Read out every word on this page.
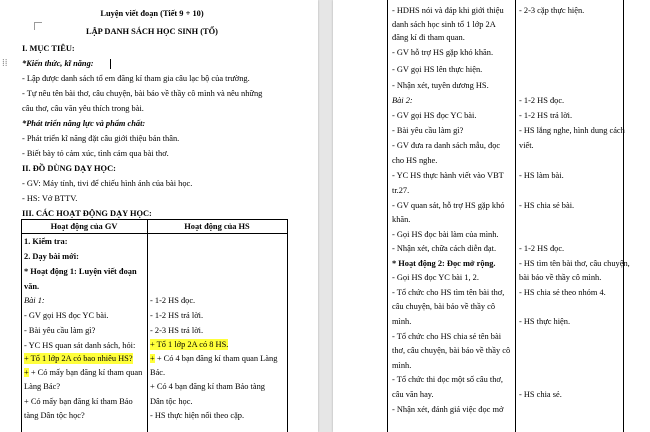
Luyện viết đoạn (Tiết 9 + 10)
LẬP DANH SÁCH HỌC SINH (TỔ)
I. MỤC TIÊU:
⁞⁞ *Kiến thức, kĩ năng:
- Lập được danh sách tổ em đăng kí tham gia câu lạc bộ của trường.
- Tự nêu tên bài thơ, câu chuyện, bài báo về thầy cô mình và nêu những
câu thơ, câu văn yêu thích trong bài.
*Phát triển năng lực và phẩm chất:
- Phát triển kĩ năng đặt câu giới thiệu bản thân.
- Biết bày tỏ cảm xúc, tình cảm qua bài thơ.
II. ĐỒ DÙNG DẠY HỌC:
- GV: Máy tính, tivi để chiếu hình ảnh của bài học.
- HS: Vở BTTV.
III. CÁC HOẠT ĐỘNG DẠY HỌC:
Hoạt động của GV	Hoạt động của HS
1. Kiểm tra:
2. Dạy bài mới:
* Hoạt động 1: Luyện viết đoạn
văn.
Bài 1:
- GV gọi HS đọc YC bài.
- Bài yêu cầu làm gì?
- YC HS quan sát danh sách, hỏi:
+ Tổ 1 lớp 2A có bao nhiêu HS?
+ + Có mấy bạn đăng kí tham quan
Làng Bác?
+ Có mấy bạn đăng kí tham Bảo
tàng Dân tộc học?
- 1-2 HS đọc.
- 1-2 HS trả lời.
- 2-3 HS trả lời.
+ Tổ 1 lớp 2A có 8 HS.
+ + Có 4 bạn đăng kí tham quan Làng
Bác.
+ Có 4 bạn đăng kí tham Bảo tàng
Dân tộc học.
- HS thực hiện nối theo cặp.
- HDHS nói và đáp khi giới thiệu
danh sách học sinh tổ 1 lớp 2A
đăng kí đi tham quan.
- GV hỗ trợ HS gặp khó khăn.
- GV gọi HS lên thực hiện.
- Nhận xét, tuyên dương HS.
Bài 2:
- GV gọi HS đọc YC bài.
- Bài yêu cầu làm gì?
- GV đưa ra danh sách mẫu, đọc
cho HS nghe.
- YC HS thực hành viết vào VBT
tr.27.
- GV quan sát, hỗ trợ HS gặp khó
khăn.
- Gọi HS đọc bài làm của mình.
- Nhận xét, chữa cách diễn đạt.
* Hoạt động 2: Đọc mở rộng.
- Gọi HS đọc YC bài 1, 2.
- Tổ chức cho HS tìm tên bài thơ,
câu chuyện, bài báo về thầy cô
mình.
- Tổ chức cho HS chia sẻ tên bài
thơ, câu chuyện, bài báo về thầy cô
mình.
- Tổ chức thi đọc một số câu thơ,
câu văn hay.
- Nhận xét, đánh giá việc đọc mở
- 2-3 cặp thực hiện.
- 1-2 HS đọc.
- 1-2 HS trả lời.
- HS lắng nghe, hình dung cách
viết.
- HS làm bài.
- HS chia sẻ bài.
- 1-2 HS đọc.
- HS tìm tên bài thơ, câu chuyện,
bài báo về thầy cô mình.
- HS chia sẻ theo nhóm 4.
- HS thực hiện.
- HS chia sẻ.
